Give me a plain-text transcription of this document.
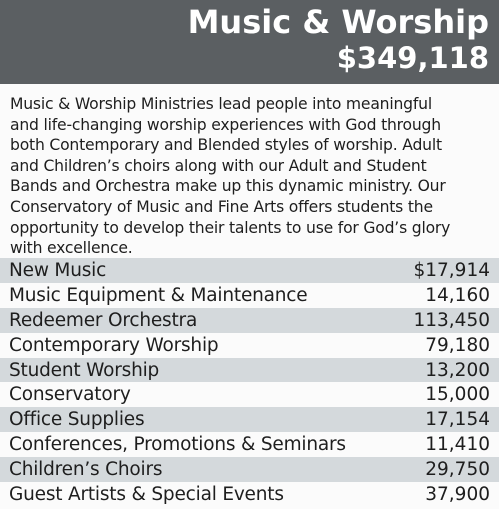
Music & Worship
$349,118
Music & Worship Ministries lead people into meaningful
and life-changing worship experiences with God through
both Contemporary and Blended styles of worship. Adult
and Children’s choirs along with our Adult and Student
Bands and Orchestra make up this dynamic ministry. Our
Conservatory of Music and Fine Arts offers students the
opportunity to develop their talents to use for God’s glory
with excellence.
New Music	$17,914
Music Equipment & Maintenance	14,160
Redeemer Orchestra	113,450
Contemporary Worship	79,180
Student Worship	13,200
Conservatory	15,000
Office Supplies	17,154
Conferences, Promotions & Seminars	11,410
Children’s Choirs	29,750
Guest Artists & Special Events	37,900
